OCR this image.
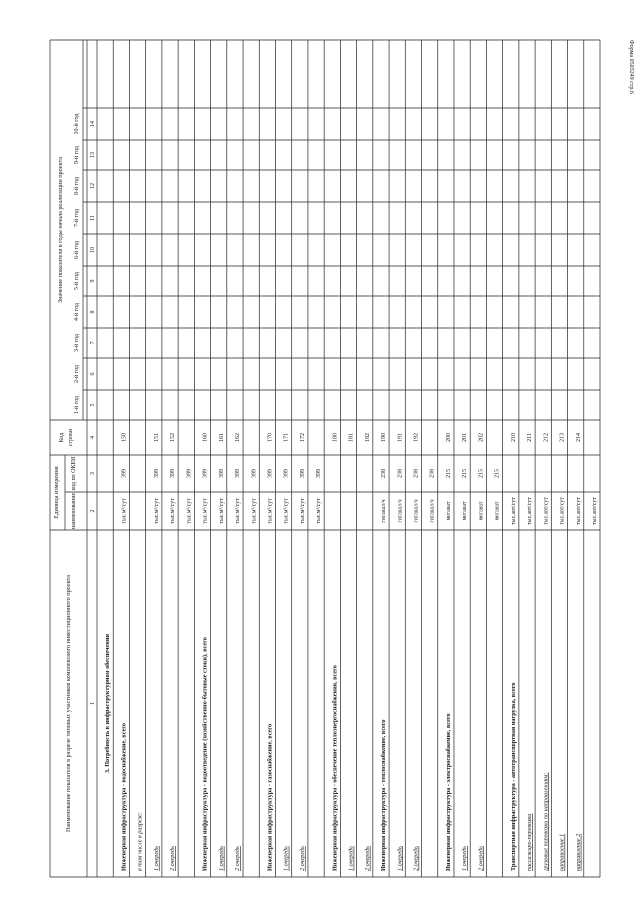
Форма 0503249 стр.6
Наименование показателя в разрезе типовых участников комплексного инвестиционного проекта
Единица измерения наименование
код по ОКЕИ
Код строки
Значение показателя в годы начала реализации проекта
1-й год
2-й год
3-й год
4-й год
5-й год
6-й год
7-й год
8-й год
9-й год
10-й год
1
2
3
4
5
6
7
8
9
10
11
12
13
14
3. Потребность в инфраструктурном обеспечении
Инженерная инфраструктура - водоснабжение, всего
тыс.м³/сут
399
150
в том числе в разрезе: 1 очередь
тыс.м³/сут
399
151
2 очередь
тыс.м³/сут
399
152
тыс.м³/сут
399
Инженерная инфраструктура - водоотведение (хозяйственно-бытовые стоки), всего
тыс.м³/сут
399
160
1 очередь
тыс.м³/сут
399
161
2 очередь
тыс.м³/сут
399
162
тыс.м³/сут
399
Инженерная инфраструктура - газоснабжение, всего
тыс.м³/сут
399
170
1 очередь
тыс.м³/сут
399
171
2 очередь
тыс.м³/сут
399
172
тыс.м³/сут
399
Инженерная инфраструктура - обеспечение теплоэнергоснабжения, всего
180
1 очередь
181
2 очередь
182
Инженерная инфраструктура - теплоснабжение, всего
гигакал/ч
238
190
1 очередь
гигакал/ч
238
191
2 очередь
гигакал/ч
238
192
гигакал/ч
238
Инженерная инфраструктура - электроснабжение, всего
мегават
215
200
1 очередь
мегават
215
201
2 очередь
мегават
215
202
мегават
215
Транспортная инфраструктура - автотранспортная нагрузка, всего
тыс.авт/сут
210
пассажиро-перевозки
тыс.авт/сут
211
грузовые перевозки по направлениям:
тыс.авт/сут
212
направление 1
тыс.авт/сут
213
направление 2
тыс.авт/сут
214
тыс.авт/сут
